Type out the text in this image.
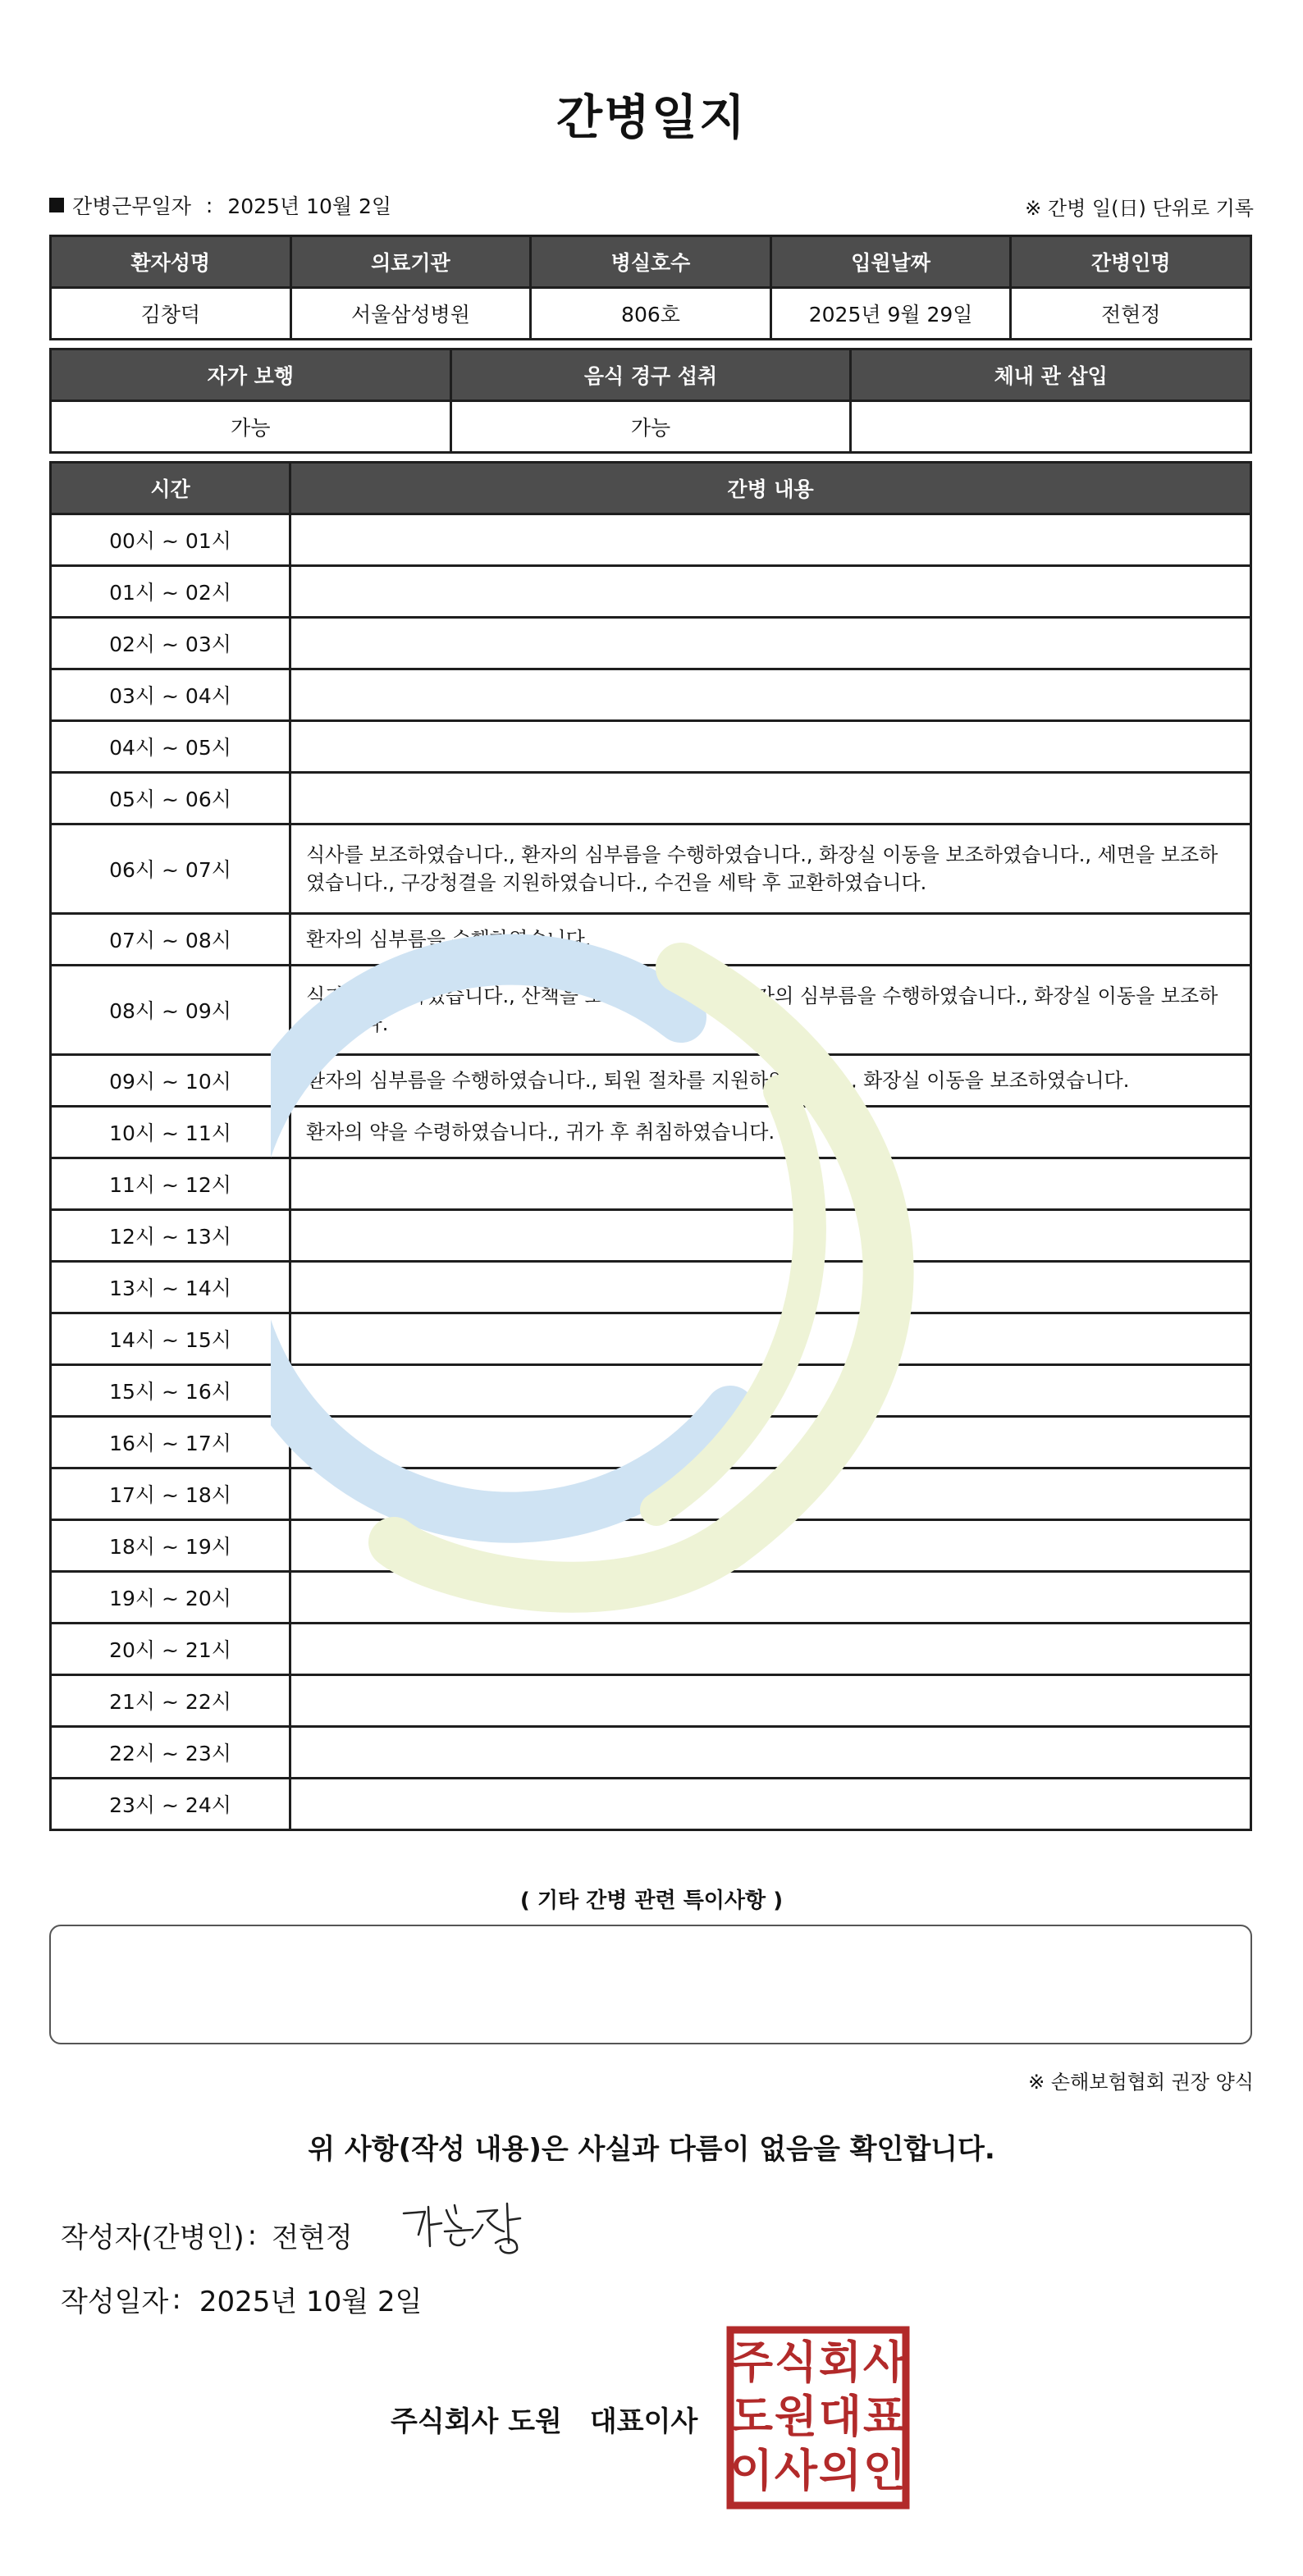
간병일지
간병근무일자 : 2025년 10월 2일	※ 간병 일(日) 단위로 기록
환자성명	의료기관	병실호수	입원날짜	간병인명
김창덕	서울삼성병원	806호	2025년 9월 29일	전현정
자가 보행	음식 경구 섭취	체내 관 삽입
가능	가능	
시간	간병 내용
00시 ~ 01시	
01시 ~ 02시	
02시 ~ 03시	
03시 ~ 04시	
04시 ~ 05시	
05시 ~ 06시	
06시 ~ 07시	식사를 보조하였습니다., 환자의 심부름을 수행하였습니다., 화장실 이동을 보조하였습니다., 세면을 보조하였습니다., 구강청결을 지원하였습니다., 수건을 세탁 후 교환하였습니다.
07시 ~ 08시	환자의 심부름을 수행하였습니다.
08시 ~ 09시	식기를 반납하였습니다., 산책을 보조하였습니다., 환자의 심부름을 수행하였습니다., 화장실 이동을 보조하였습니다.
09시 ~ 10시	환자의 심부름을 수행하였습니다., 퇴원 절차를 지원하였습니다., 화장실 이동을 보조하였습니다.
10시 ~ 11시	환자의 약을 수령하였습니다., 귀가 후 취침하였습니다.
11시 ~ 12시	
12시 ~ 13시	
13시 ~ 14시	
14시 ~ 15시	
15시 ~ 16시	
16시 ~ 17시	
17시 ~ 18시	
18시 ~ 19시	
19시 ~ 20시	
20시 ~ 21시	
21시 ~ 22시	
22시 ~ 23시	
23시 ~ 24시	
( 기타 간병 관련 특이사항 )
※ 손해보험협회 권장 양식
위 사항(작성 내용)은 사실과 다름이 없음을 확인합니다.
작성자(간병인) : 전현정
작성일자 : 2025년 10월 2일
주식회사 도원 대표이사
주 식 회 사
도 원 대 표
이 사 의 인
